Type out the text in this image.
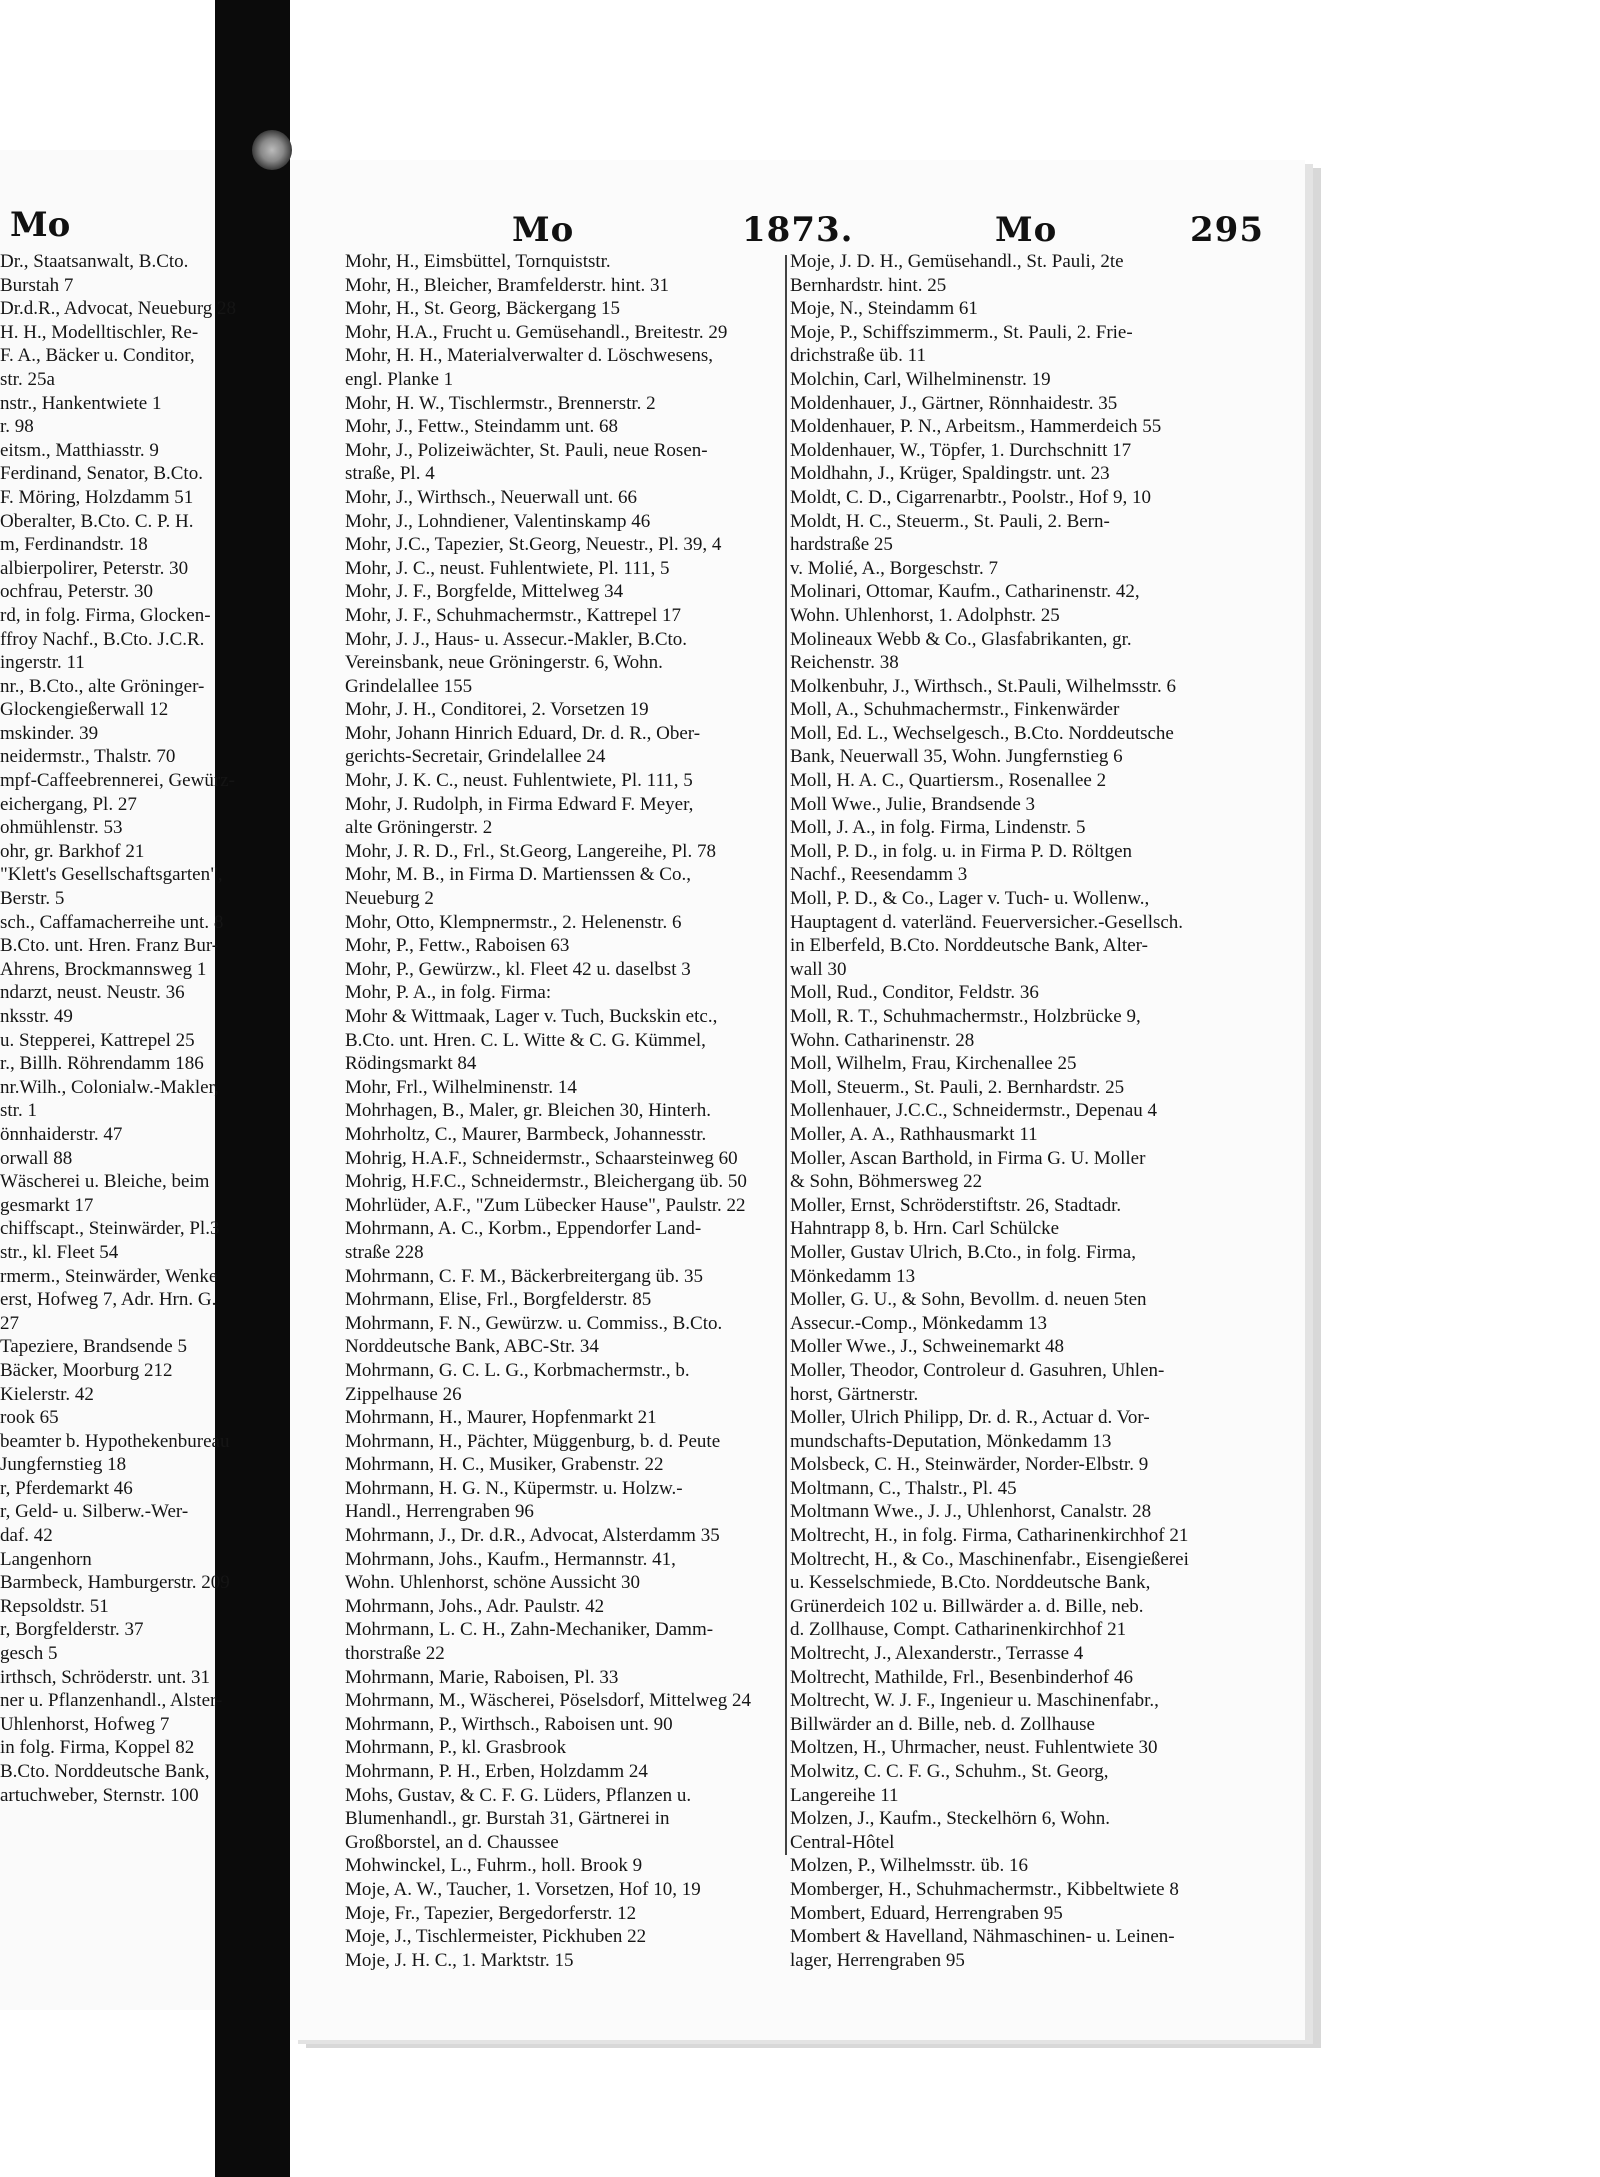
Mo
Dr., Staatsanwalt, B.Cto.
Burstah 7
Dr.d.R., Advocat, Neueburg 28
H. H., Modelltischler, Re-
F. A., Bäcker u. Conditor,
str. 25a
nstr., Hankentwiete 1
r. 98
eitsm., Matthiasstr. 9
Ferdinand, Senator, B.Cto.
F. Möring, Holzdamm 51
Oberalter, B.Cto. C. P. H.
m, Ferdinandstr. 18
albierpolirer, Peterstr. 30
ochfrau, Peterstr. 30
rd, in folg. Firma, Glocken-
ffroy Nachf., B.Cto. J.C.R.
ingerstr. 11
nr., B.Cto., alte Gröninger-
Glockengießerwall 12
mskinder. 39
neidermstr., Thalstr. 70
mpf-Caffeebrennerei, Gewürz-
eichergang, Pl. 27
ohmühlenstr. 53
ohr, gr. Barkhof 21
"Klett's Gesellschaftsgarten",
Berstr. 5
sch., Caffamacherreihe unt. 8
B.Cto. unt. Hren. Franz Bur-
Ahrens, Brockmannsweg 1
ndarzt, neust. Neustr. 36
nksstr. 49
u. Stepperei, Kattrepel 25
r., Billh. Röhrendamm 186
nr.Wilh., Colonialw.-Makler,
str. 1
önnhaiderstr. 47
orwall 88
Wäscherei u. Bleiche, beim
gesmarkt 17
chiffscapt., Steinwärder, Pl.3
str., kl. Fleet 54
rmerm., Steinwärder, Wenke
erst, Hofweg 7, Adr. Hrn. G.
27
Tapeziere, Brandsende 5
Bäcker, Moorburg 212
Kielerstr. 42
rook 65
beamter b. Hypothekenbureau
Jungfernstieg 18
r, Pferdemarkt 46
r, Geld- u. Silberw.-Wer-
daf. 42
Langenhorn
Barmbeck, Hamburgerstr. 209
Repsoldstr. 51
r, Borgfelderstr. 37
gesch 5
irthsch, Schröderstr. unt. 31
ner u. Pflanzenhandl., Alster-
Uhlenhorst, Hofweg 7
in folg. Firma, Koppel 82
B.Cto. Norddeutsche Bank,
artuchweber, Sternstr. 100
Mo	1873.	Mo	295
Mohr, H., Eimsbüttel, Tornquiststr.
Mohr, H., Bleicher, Bramfelderstr. hint. 31
Mohr, H., St. Georg, Bäckergang 15
Mohr, H.A., Frucht u. Gemüsehandl., Breitestr. 29
Mohr, H. H., Materialverwalter d. Löschwesens,
engl. Planke 1
Mohr, H. W., Tischlermstr., Brennerstr. 2
Mohr, J., Fettw., Steindamm unt. 68
Mohr, J., Polizeiwächter, St. Pauli, neue Rosen-
straße, Pl. 4
Mohr, J., Wirthsch., Neuerwall unt. 66
Mohr, J., Lohndiener, Valentinskamp 46
Mohr, J.C., Tapezier, St.Georg, Neuestr., Pl. 39, 4
Mohr, J. C., neust. Fuhlentwiete, Pl. 111, 5
Mohr, J. F., Borgfelde, Mittelweg 34
Mohr, J. F., Schuhmachermstr., Kattrepel 17
Mohr, J. J., Haus- u. Assecur.-Makler, B.Cto.
Vereinsbank, neue Gröningerstr. 6, Wohn.
Grindelallee 155
Mohr, J. H., Conditorei, 2. Vorsetzen 19
Mohr, Johann Hinrich Eduard, Dr. d. R., Ober-
gerichts-Secretair, Grindelallee 24
Mohr, J. K. C., neust. Fuhlentwiete, Pl. 111, 5
Mohr, J. Rudolph, in Firma Edward F. Meyer,
alte Gröningerstr. 2
Mohr, J. R. D., Frl., St.Georg, Langereihe, Pl. 78
Mohr, M. B., in Firma D. Martienssen & Co.,
Neueburg 2
Mohr, Otto, Klempnermstr., 2. Helenenstr. 6
Mohr, P., Fettw., Raboisen 63
Mohr, P., Gewürzw., kl. Fleet 42 u. daselbst 3
Mohr, P. A., in folg. Firma:
Mohr & Wittmaak, Lager v. Tuch, Buckskin etc.,
B.Cto. unt. Hren. C. L. Witte & C. G. Kümmel,
Rödingsmarkt 84
Mohr, Frl., Wilhelminenstr. 14
Mohrhagen, B., Maler, gr. Bleichen 30, Hinterh.
Mohrholtz, C., Maurer, Barmbeck, Johannesstr.
Mohrig, H.A.F., Schneidermstr., Schaarsteinweg 60
Mohrig, H.F.C., Schneidermstr., Bleichergang üb. 50
Mohrlüder, A.F., "Zum Lübecker Hause", Paulstr. 22
Mohrmann, A. C., Korbm., Eppendorfer Land-
straße 228
Mohrmann, C. F. M., Bäckerbreitergang üb. 35
Mohrmann, Elise, Frl., Borgfelderstr. 85
Mohrmann, F. N., Gewürzw. u. Commiss., B.Cto.
Norddeutsche Bank, ABC-Str. 34
Mohrmann, G. C. L. G., Korbmachermstr., b.
Zippelhause 26
Mohrmann, H., Maurer, Hopfenmarkt 21
Mohrmann, H., Pächter, Müggenburg, b. d. Peute
Mohrmann, H. C., Musiker, Grabenstr. 22
Mohrmann, H. G. N., Küpermstr. u. Holzw.-
Handl., Herrengraben 96
Mohrmann, J., Dr. d.R., Advocat, Alsterdamm 35
Mohrmann, Johs., Kaufm., Hermannstr. 41,
Wohn. Uhlenhorst, schöne Aussicht 30
Mohrmann, Johs., Adr. Paulstr. 42
Mohrmann, L. C. H., Zahn-Mechaniker, Damm-
thorstraße 22
Mohrmann, Marie, Raboisen, Pl. 33
Mohrmann, M., Wäscherei, Pöselsdorf, Mittelweg 24
Mohrmann, P., Wirthsch., Raboisen unt. 90
Mohrmann, P., kl. Grasbrook
Mohrmann, P. H., Erben, Holzdamm 24
Mohs, Gustav, & C. F. G. Lüders, Pflanzen u.
Blumenhandl., gr. Burstah 31, Gärtnerei in
Großborstel, an d. Chaussee
Mohwinckel, L., Fuhrm., holl. Brook 9
Moje, A. W., Taucher, 1. Vorsetzen, Hof 10, 19
Moje, Fr., Tapezier, Bergedorferstr. 12
Moje, J., Tischlermeister, Pickhuben 22
Moje, J. H. C., 1. Marktstr. 15
Moje, J. D. H., Gemüsehandl., St. Pauli, 2te
Bernhardstr. hint. 25
Moje, N., Steindamm 61
Moje, P., Schiffszimmerm., St. Pauli, 2. Frie-
drichstraße üb. 11
Molchin, Carl, Wilhelminenstr. 19
Moldenhauer, J., Gärtner, Rönnhaidestr. 35
Moldenhauer, P. N., Arbeitsm., Hammerdeich 55
Moldenhauer, W., Töpfer, 1. Durchschnitt 17
Moldhahn, J., Krüger, Spaldingstr. unt. 23
Moldt, C. D., Cigarrenarbtr., Poolstr., Hof 9, 10
Moldt, H. C., Steuerm., St. Pauli, 2. Bern-
hardstraße 25
v. Molié, A., Borgeschstr. 7
Molinari, Ottomar, Kaufm., Catharinenstr. 42,
Wohn. Uhlenhorst, 1. Adolphstr. 25
Molineaux Webb & Co., Glasfabrikanten, gr.
Reichenstr. 38
Molkenbuhr, J., Wirthsch., St.Pauli, Wilhelmsstr. 6
Moll, A., Schuhmachermstr., Finkenwärder
Moll, Ed. L., Wechselgesch., B.Cto. Norddeutsche
Bank, Neuerwall 35, Wohn. Jungfernstieg 6
Moll, H. A. C., Quartiersm., Rosenallee 2
Moll Wwe., Julie, Brandsende 3
Moll, J. A., in folg. Firma, Lindenstr. 5
Moll, P. D., in folg. u. in Firma P. D. Röltgen
Nachf., Reesendamm 3
Moll, P. D., & Co., Lager v. Tuch- u. Wollenw.,
Hauptagent d. vaterländ. Feuerversicher.-Gesellsch.
in Elberfeld, B.Cto. Norddeutsche Bank, Alter-
wall 30
Moll, Rud., Conditor, Feldstr. 36
Moll, R. T., Schuhmachermstr., Holzbrücke 9,
Wohn. Catharinenstr. 28
Moll, Wilhelm, Frau, Kirchenallee 25
Moll, Steuerm., St. Pauli, 2. Bernhardstr. 25
Mollenhauer, J.C.C., Schneidermstr., Depenau 4
Moller, A. A., Rathhausmarkt 11
Moller, Ascan Barthold, in Firma G. U. Moller
& Sohn, Böhmersweg 22
Moller, Ernst, Schröderstiftstr. 26, Stadtadr.
Hahntrapp 8, b. Hrn. Carl Schülcke
Moller, Gustav Ulrich, B.Cto., in folg. Firma,
Mönkedamm 13
Moller, G. U., & Sohn, Bevollm. d. neuen 5ten
Assecur.-Comp., Mönkedamm 13
Moller Wwe., J., Schweinemarkt 48
Moller, Theodor, Controleur d. Gasuhren, Uhlen-
horst, Gärtnerstr.
Moller, Ulrich Philipp, Dr. d. R., Actuar d. Vor-
mundschafts-Deputation, Mönkedamm 13
Molsbeck, C. H., Steinwärder, Norder-Elbstr. 9
Moltmann, C., Thalstr., Pl. 45
Moltmann Wwe., J. J., Uhlenhorst, Canalstr. 28
Moltrecht, H., in folg. Firma, Catharinenkirchhof 21
Moltrecht, H., & Co., Maschinenfabr., Eisengießerei
u. Kesselschmiede, B.Cto. Norddeutsche Bank,
Grünerdeich 102 u. Billwärder a. d. Bille, neb.
d. Zollhause, Compt. Catharinenkirchhof 21
Moltrecht, J., Alexanderstr., Terrasse 4
Moltrecht, Mathilde, Frl., Besenbinderhof 46
Moltrecht, W. J. F., Ingenieur u. Maschinenfabr.,
Billwärder an d. Bille, neb. d. Zollhause
Moltzen, H., Uhrmacher, neust. Fuhlentwiete 30
Molwitz, C. C. F. G., Schuhm., St. Georg,
Langereihe 11
Molzen, J., Kaufm., Steckelhörn 6, Wohn.
Central-Hôtel
Molzen, P., Wilhelmsstr. üb. 16
Momberger, H., Schuhmachermstr., Kibbeltwiete 8
Mombert, Eduard, Herrengraben 95
Mombert & Havelland, Nähmaschinen- u. Leinen-
lager, Herrengraben 95
